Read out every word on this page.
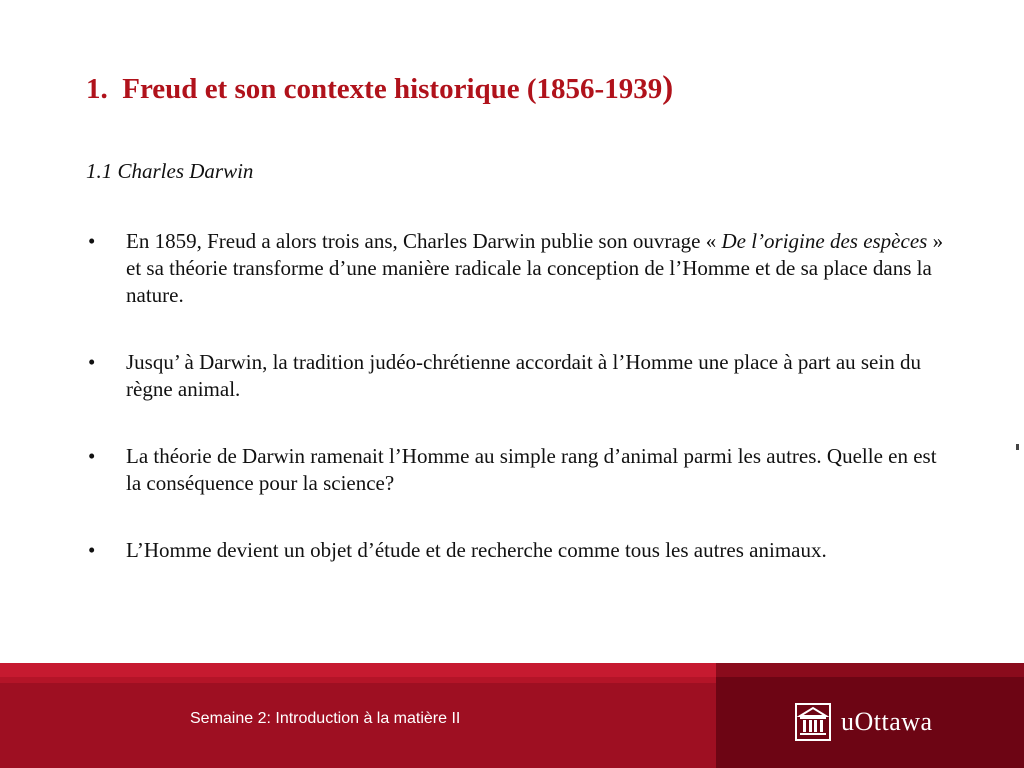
1. Freud et son contexte historique (1856-1939)

1.1 Charles Darwin

• En 1859, Freud a alors trois ans, Charles Darwin publie son ouvrage « De l’origine des espèces » et sa théorie transforme d’une manière radicale la conception de l’Homme et de sa place dans la nature.
• Jusqu’ à Darwin, la tradition judéo-chrétienne accordait à l’Homme une place à part au sein du règne animal.
• La théorie de Darwin ramenait l’Homme au simple rang d’animal parmi les autres. Quelle en est la conséquence pour la science?
• L’Homme devient un objet d’étude et de recherche comme tous les autres animaux.

Semaine 2: Introduction à la matière II	uOttawa
